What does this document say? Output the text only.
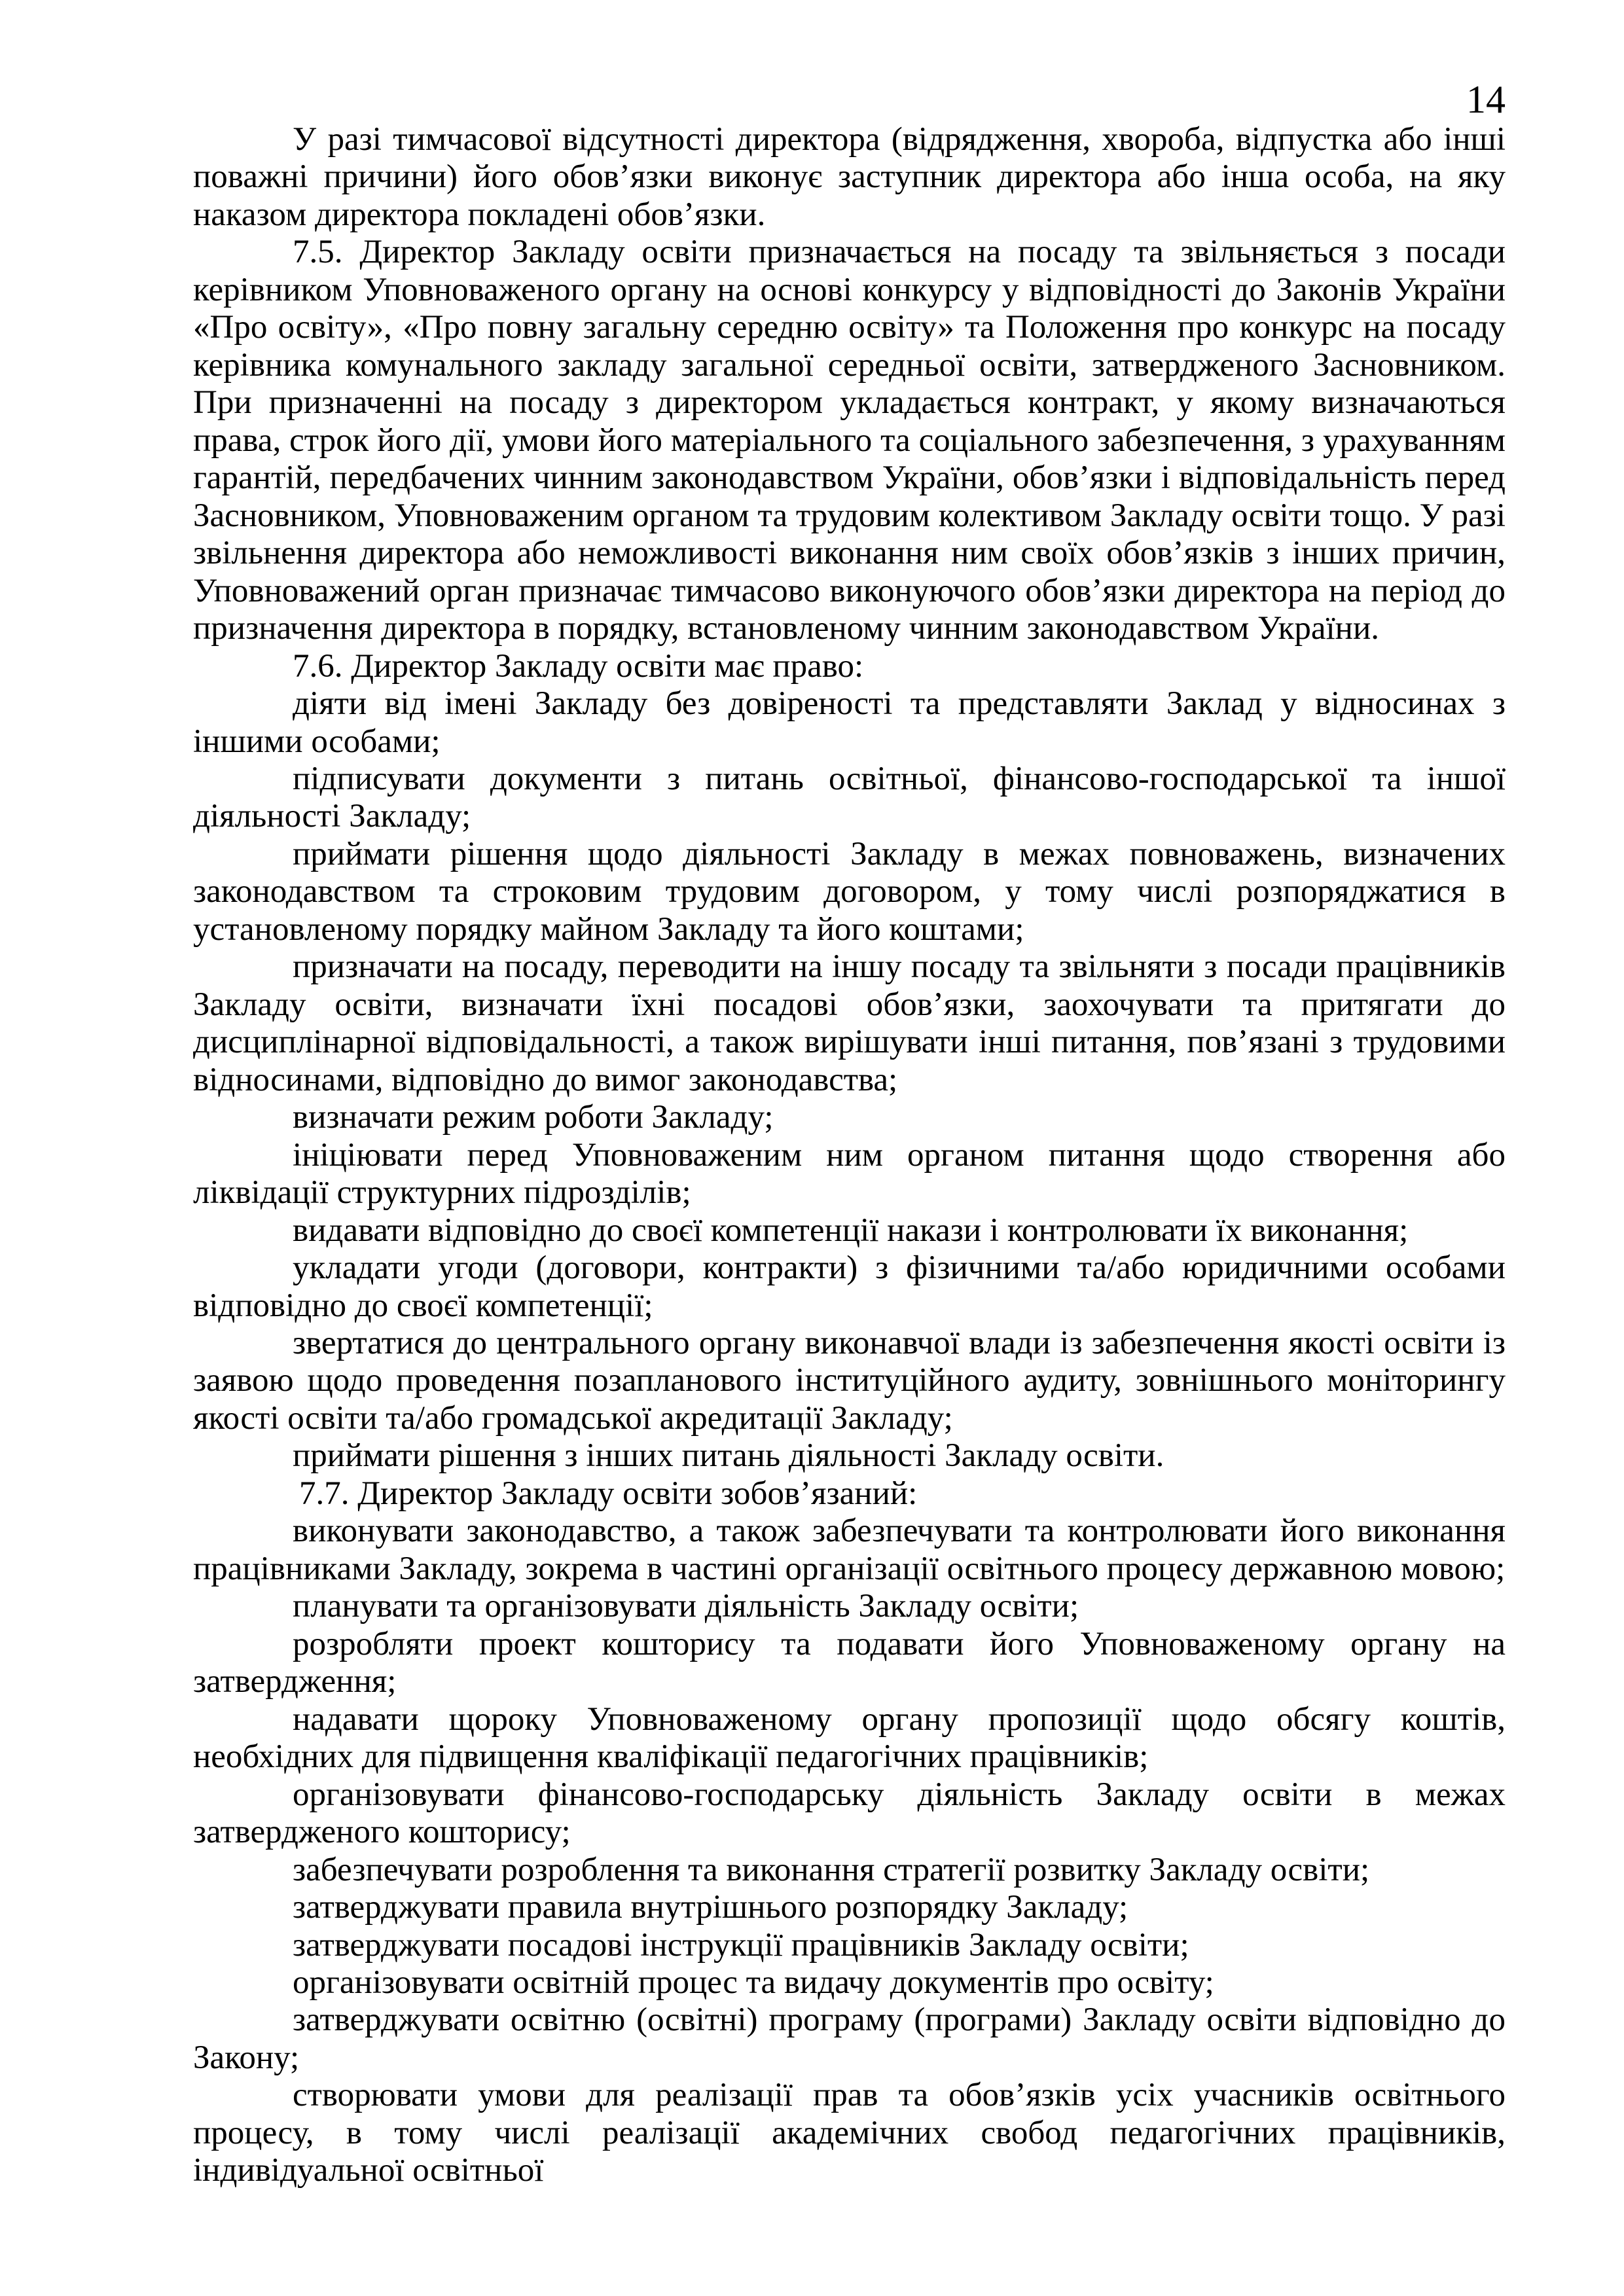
14

У разі тимчасової відсутності директора (відрядження, хвороба, відпустка або інші поважні причини) його обов’язки виконує заступник директора або інша особа, на яку наказом директора покладені обов’язки.

7.5. Директор Закладу освіти призначається на посаду та звільняється з посади керівником Уповноваженого органу на основі конкурсу у відповідності до Законів України «Про освіту», «Про повну загальну середню освіту» та Положення про конкурс на посаду керівника комунального закладу загальної середньої освіти, затвердженого Засновником. При призначенні на посаду з директором укладається контракт, у якому визначаються права, строк його дії, умови його матеріального та соціального забезпечення, з урахуванням гарантій, передбачених чинним законодавством України, обов’язки і відповідальність перед Засновником, Уповноваженим органом та трудовим колективом Закладу освіти тощо. У разі звільнення директора або неможливості виконання ним своїх обов’язків з інших причин, Уповноважений орган призначає тимчасово виконуючого обов’язки директора на період до призначення директора в порядку, встановленому чинним законодавством України.

7.6. Директор Закладу освіти має право:

діяти від імені Закладу без довіреності та представляти Заклад у відносинах з іншими особами;

підписувати документи з питань освітньої, фінансово-господарської та іншої діяльності Закладу;

приймати рішення щодо діяльності Закладу в межах повноважень, визначених законодавством та строковим трудовим договором, у тому числі розпоряджатися в установленому порядку майном Закладу та його коштами;

призначати на посаду, переводити на іншу посаду та звільняти з посади працівників Закладу освіти, визначати їхні посадові обов’язки, заохочувати та притягати до дисциплінарної відповідальності, а також вирішувати інші питання, пов’язані з трудовими відносинами, відповідно до вимог законодавства;

визначати режим роботи Закладу;

ініціювати перед Уповноваженим ним органом питання щодо створення або ліквідації структурних підрозділів;

видавати відповідно до своєї компетенції накази і контролювати їх виконання;

укладати угоди (договори, контракти) з фізичними та/або юридичними особами відповідно до своєї компетенції;

звертатися до центрального органу виконавчої влади із забезпечення якості освіти із заявою щодо проведення позапланового інституційного аудиту, зовнішнього моніторингу якості освіти та/або громадської акредитації Закладу;

приймати рішення з інших питань діяльності Закладу освіти.

7.7. Директор Закладу освіти зобов’язаний:

виконувати законодавство, а також забезпечувати та контролювати його виконання працівниками Закладу, зокрема в частині організації освітнього процесу державною мовою;

планувати та організовувати діяльність Закладу освіти;

розробляти проект кошторису та подавати його Уповноваженому органу на затвердження;

надавати щороку Уповноваженому органу пропозиції щодо обсягу коштів, необхідних для підвищення кваліфікації педагогічних працівників;

організовувати фінансово-господарську діяльність Закладу освіти в межах затвердженого кошторису;

забезпечувати розроблення та виконання стратегії розвитку Закладу освіти;

затверджувати правила внутрішнього розпорядку Закладу;

затверджувати посадові інструкції працівників Закладу освіти;

організовувати освітній процес та видачу документів про освіту;

затверджувати освітню (освітні) програму (програми) Закладу освіти відповідно до Закону;

створювати умови для реалізації прав та обов’язків усіх учасників освітнього процесу, в тому числі реалізації академічних свобод педагогічних працівників, індивідуальної освітньої
